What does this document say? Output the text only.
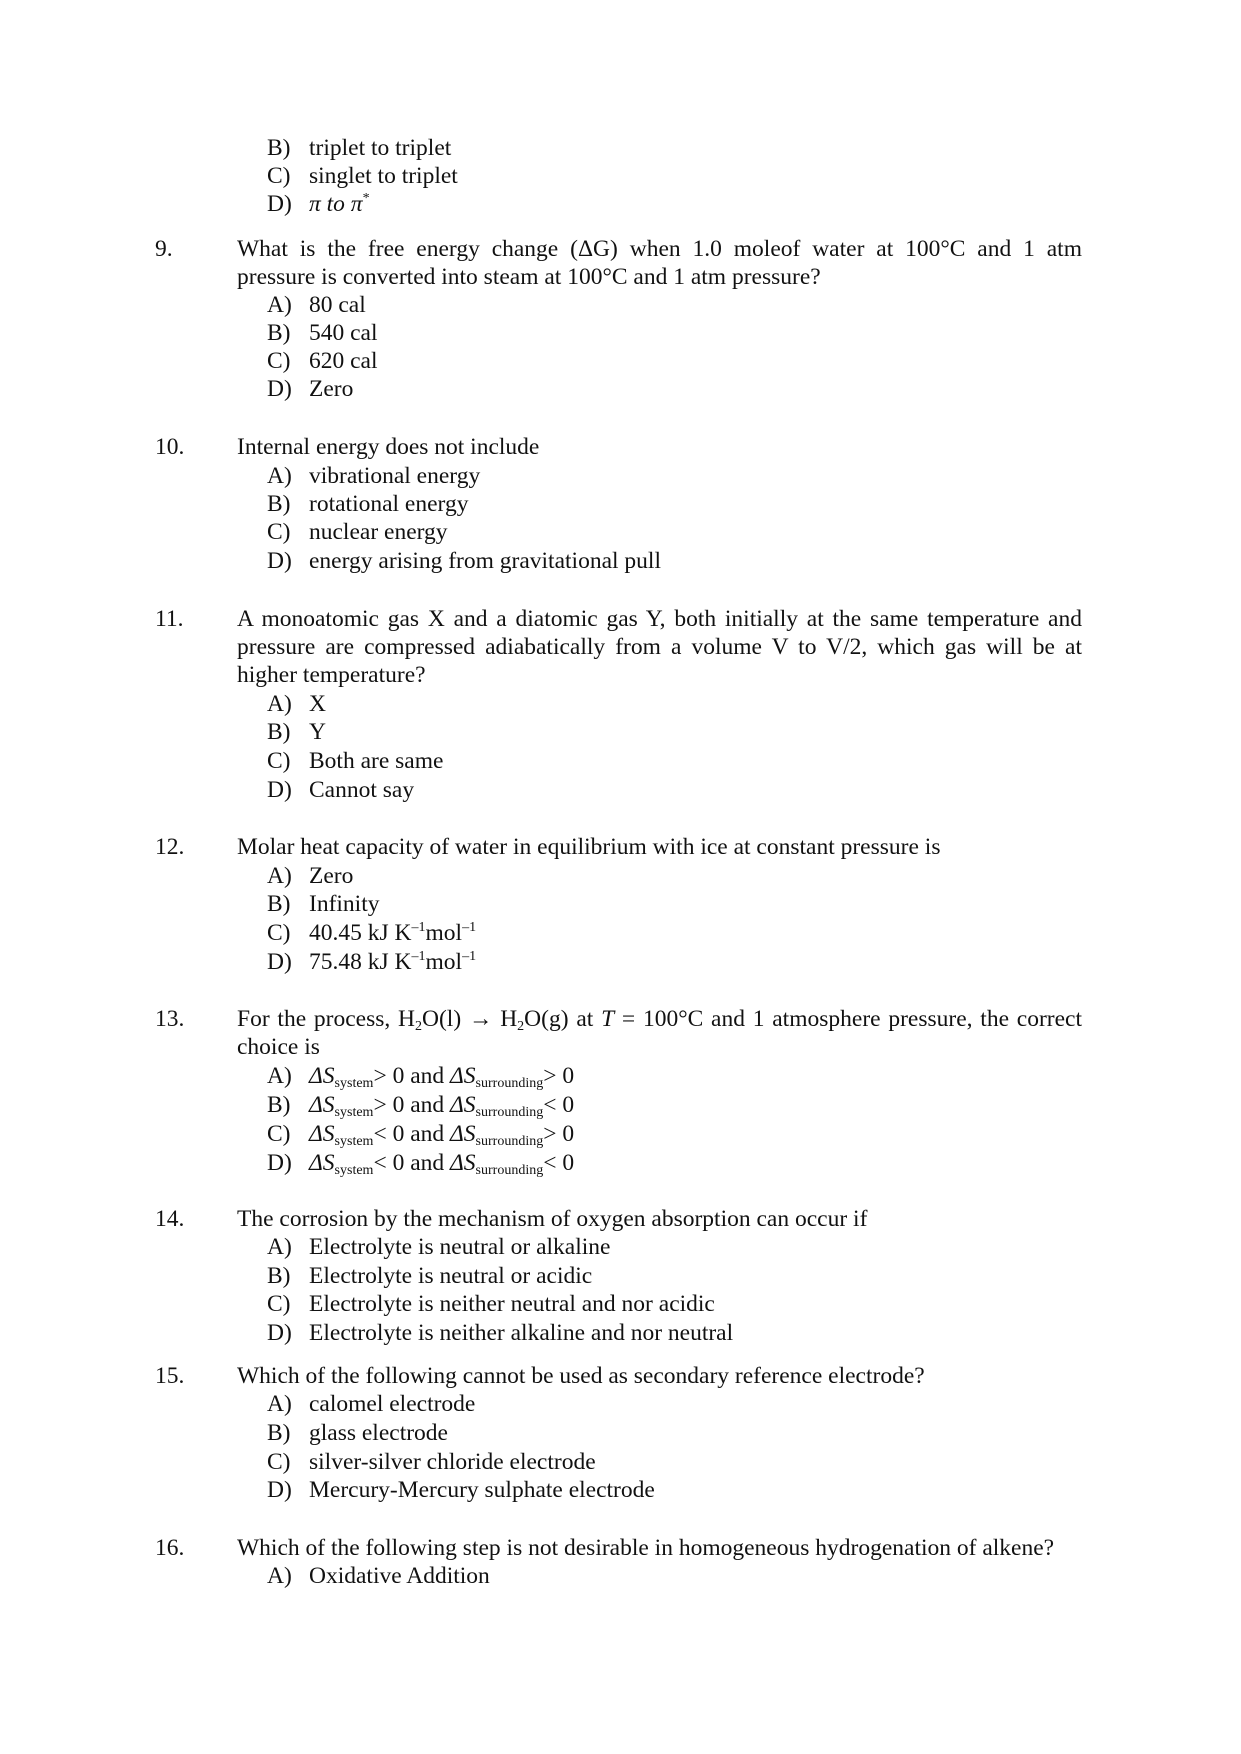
B) triplet to triplet
C) singlet to triplet
D) π to π*
9.	What is the free energy change (ΔG) when 1.0 moleof water at 100°C and 1 atm
pressure is converted into steam at 100°C and 1 atm pressure?
A) 80 cal
B) 540 cal
C) 620 cal
D) Zero
10. Internal energy does not include
A) vibrational energy
B) rotational energy
C) nuclear energy
D) energy arising from gravitational pull
11. A monoatomic gas X and a diatomic gas Y, both initially at the same temperature and
pressure are compressed adiabatically from a volume V to V/2, which gas will be at
higher temperature?
A) X
B) Y
C) Both are same
D) Cannot say
12. Molar heat capacity of water in equilibrium with ice at constant pressure is
A) Zero
B) Infinity
C) 40.45 kJ $K^{-1}mol^{-1}$
D) 75.48 kJ $K^{-1}mol^{-1}$
13. For the process, $H_2O(l) \to H_2O(g)$ at T = 100°C and 1 atmosphere pressure, the correct
choice is
A) $\Delta S_{system}> 0$ and $\Delta S_{surrounding}> 0$
B) $\Delta S_{system}> 0$ and $\Delta S_{surrounding}< 0$
C) $\Delta S_{system}< 0$ and $\Delta S_{surrounding}> 0$
D) $\Delta S_{system}< 0$ and $\Delta S_{surrounding}< 0$
14. The corrosion by the mechanism of oxygen absorption can occur if
A) Electrolyte is neutral or alkaline
B) Electrolyte is neutral or acidic
C) Electrolyte is neither neutral and nor acidic
D) Electrolyte is neither alkaline and nor neutral
15. Which of the following cannot be used as secondary reference electrode?
A) calomel electrode
B) glass electrode
C) silver-silver chloride electrode
D) Mercury-Mercury sulphate electrode
16. Which of the following step is not desirable in homogeneous hydrogenation of alkene?
A) Oxidative Addition
